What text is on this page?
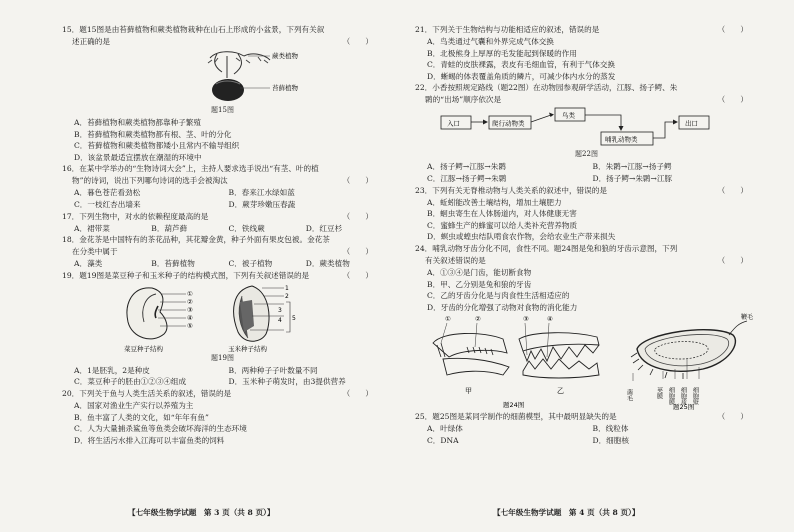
15．题15图是由苔藓植物和蕨类植物栽种在山石上形成的小盆景，下列有关叙
述正确的是	（　　）
蕨类植物
苔藓植物
题15图
A．苔藓植物和蕨类植物都靠种子繁殖
B．苔藓植物和蕨类植物都有根、茎、叶的分化
C．苔藓植物和蕨类植物都矮小且常内不输导组织
D．该盆景最适宜摆放在潮湿的环境中
16．在某中学举办的“生物诗词大会”上，主持人要求选手说出“有茎、叶的植
物”的诗词，说出下列哪句诗词的选手会被淘汰	（　　）
A．暮色苍茫看劲松	B．春来江水绿如蓝
C．一枝红杏出墙来	D．蕨芽珍嫩压春蔬
17．下列生物中，对水的依赖程度最高的是	（　　）
A．裙带菜	B．葫芦藓	C．铁线蕨	D．红豆杉
18．金花茶是中国特有的茶花品种，其花瓣金黄，种子外面有果皮包被。金花茶
在分类中属于	（　　）
A．藻类	B．苔藓植物	C．被子植物	D．蕨类植物
19．题19图是菜豆种子和玉米种子的结构模式图，下列有关叙述错误的是	（　　）
①
②
③
④
⑤
1
2
3
4 5
菜豆种子结构	玉米种子结构
题19图
A．1是胚乳，2是种皮	B．两种种子子叶数量不同
C．菜豆种子的胚由①②③④组成	D．玉米种子萌发时，由3提供营养
20．下列关于鱼与人类生活关系的叙述，错误的是	（　　）
A．国家对渔业生产实行以养殖为主
B．鱼丰富了人类的文化，如“年年有鱼”
C．人为大量捕杀鲨鱼等鱼类会破坏海洋的生态环境
D．将生活污水排入江海可以丰富鱼类的饲料
【七年级生物学试题　第 3 页（共 8 页）】
21．下列关于生物结构与功能相适应的叙述，错误的是	（　　）
A．鸟类通过气囊和外界完成气体交换
B．北极熊身上厚厚的毛发能起到保暖的作用
C．青蛙的皮肤裸露，表皮有毛细血管，有利于气体交换
D．蜥蜴的体表覆盖角质的鳞片，可减少体内水分的蒸发
22．小香按照规定路线（题22图）在动物园参观研学活动，江豚、扬子鳄、朱
鹮的“出场”顺序依次是	（　　）
入口	爬行动物类
鸟类
哺乳动物类
出口
题22图
A．扬子鳄→江豚→朱鹮	B．朱鹮→江豚→扬子鳄
C．江豚→扬子鳄→朱鹮	D．扬子鳄→朱鹮→江豚
23．下列有关无脊椎动物与人类关系的叙述中，错误的是	（　　）
A．蚯蚓能改善土壤结构，增加土壤肥力
B．蛔虫寄生在人体肠道内，对人体健康无害
C．蜜蜂生产的蜂蜜可以给人类补充营养物质
D．螟虫或蝗虫结队啃食农作物，会给农业生产带来损失
24．哺乳动物牙齿分化不同，食性不同。题24图是兔和狼的牙齿示意图，下列
有关叙述错误的是	（　　）
A．①③④是门齿，能切断食物
B．甲、乙分别是兔和狼的牙齿
C．乙的牙齿分化是与肉食性生活相适应的
D．牙齿的分化增强了动物对食物的消化能力
①	②
甲
③	④
乙
题24图
鞭毛
菌毛	荚膜 细胞膜 细胞质 细胞壁
题25图
25．题25图是某同学制作的细菌模型，其中最明显缺失的是	（　　）
A．叶绿体	B．线粒体
C．DNA	D．细胞核
【七年级生物学试题　第 4 页（共 8 页）】
